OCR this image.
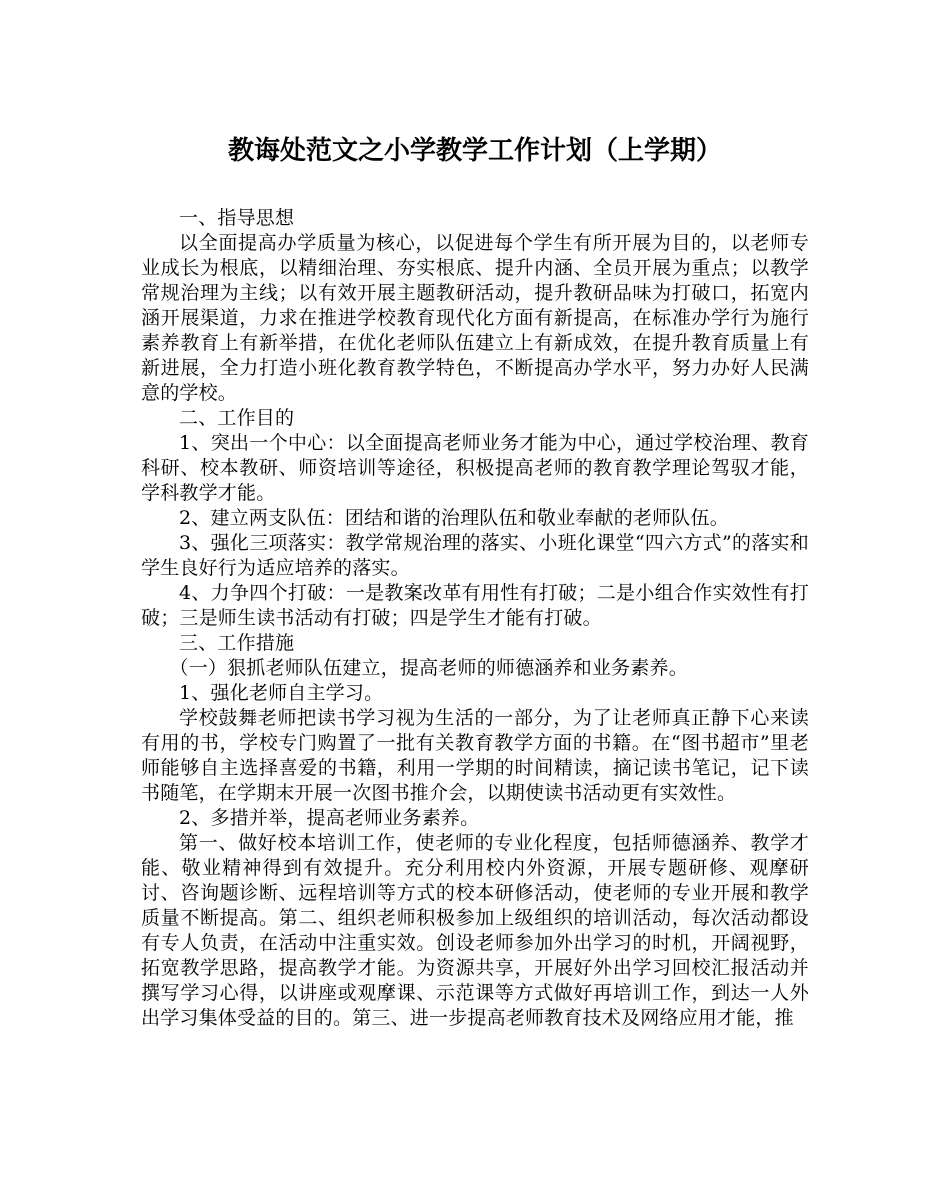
教诲处范文之小学教学工作计划（上学期）

一、指导思想

以全面提高办学质量为核心，以促进每个学生有所开展为目的，以老师专业成长为根底，以精细治理、夯实根底、提升内涵、全员开展为重点；以教学常规治理为主线；以有效开展主题教研活动，提升教研品味为打破口，拓宽内涵开展渠道，力求在推进学校教育现代化方面有新提高，在标准办学行为施行素养教育上有新举措，在优化老师队伍建立上有新成效，在提升教育质量上有新进展，全力打造小班化教育教学特色，不断提高办学水平，努力办好人民满意的学校。

二、工作目的

1、突出一个中心：以全面提高老师业务才能为中心，通过学校治理、教育科研、校本教研、师资培训等途径，积极提高老师的教育教学理论驾驭才能，学科教学才能。

2、建立两支队伍：团结和谐的治理队伍和敬业奉献的老师队伍。

3、强化三项落实：教学常规治理的落实、小班化课堂“四六方式”的落实和学生良好行为适应培养的落实。

4、力争四个打破：一是教案改革有用性有打破；二是小组合作实效性有打破；三是师生读书活动有打破；四是学生才能有打破。

三、工作措施

（一）狠抓老师队伍建立，提高老师的师德涵养和业务素养。

1、强化老师自主学习。

学校鼓舞老师把读书学习视为生活的一部分，为了让老师真正静下心来读有用的书，学校专门购置了一批有关教育教学方面的书籍。在“图书超市”里老师能够自主选择喜爱的书籍，利用一学期的时间精读，摘记读书笔记，记下读书随笔，在学期末开展一次图书推介会，以期使读书活动更有实效性。

2、多措并举，提高老师业务素养。

第一、做好校本培训工作，使老师的专业化程度，包括师德涵养、教学才能、敬业精神得到有效提升。充分利用校内外资源，开展专题研修、观摩研讨、咨询题诊断、远程培训等方式的校本研修活动，使老师的专业开展和教学质量不断提高。第二、组织老师积极参加上级组织的培训活动，每次活动都设有专人负责，在活动中注重实效。创设老师参加外出学习的时机，开阔视野，拓宽教学思路，提高教学才能。为资源共享，开展好外出学习回校汇报活动并撰写学习心得，以讲座或观摩课、示范课等方式做好再培训工作，到达一人外出学习集体受益的目的。第三、进一步提高老师教育技术及网络应用才能，推
